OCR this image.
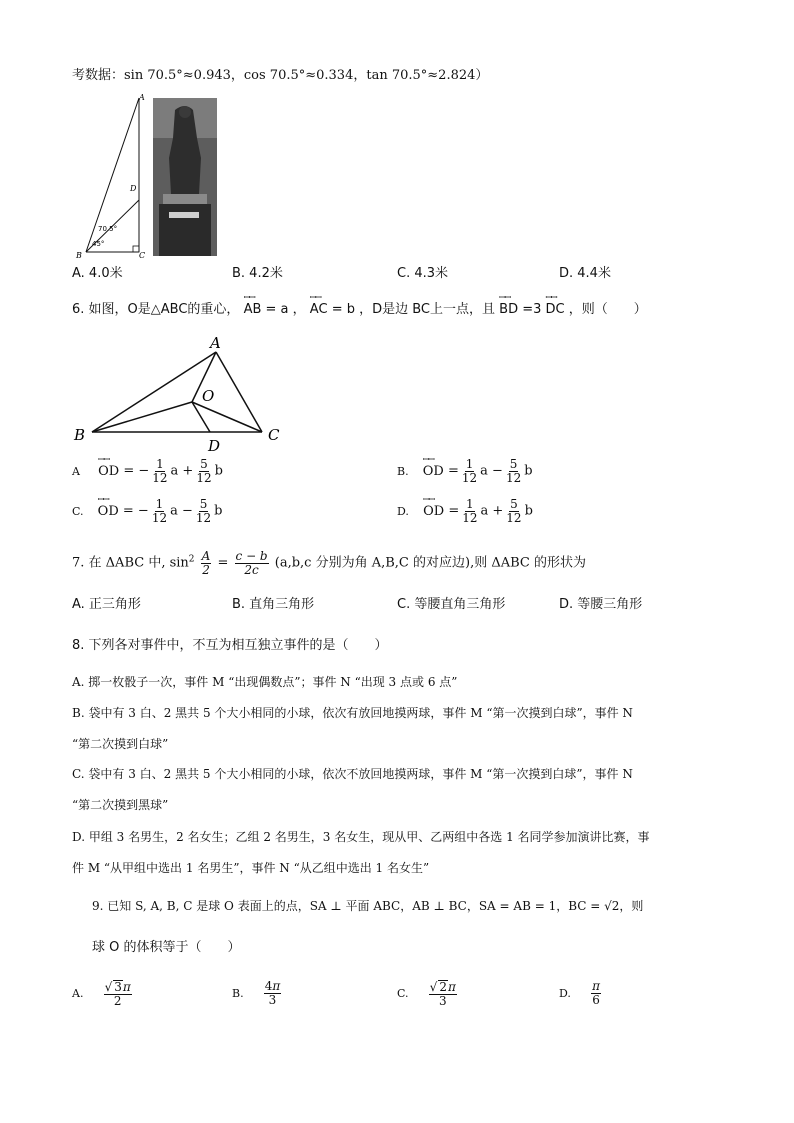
考数据：sin 70.5°≈0.943，cos 70.5°≈0.334，tan 70.5°≈2.824）
A
D
B	C
70.5°
45°
A. 4.0米	B. 4.2米	C. 4.3米	D. 4.4米
6. 如图，O是△ABC的重心， ꟷꟷ AB = a ， ꟷꟷ AC = b ，D是边 BC上一点，且 ꟷꟷ BD =3 ꟷꟷ DC ，则（　　）
A
O
B	C
D
A ꟷꟷ OD = − $\frac{1}{12}$ $a + \frac{5}{12}$ b	B. ꟷꟷ OD = $\frac{1}{12}$ $a - \frac{5}{12}$ b
C. ꟷꟷ OD = − $\frac{1}{12}$ $a - \frac{5}{12}$ b	D. ꟷꟷ OD = $\frac{1}{12}$ $a + \frac{5}{12}$ b
7. 在 ΔABC 中, $\sin^2 \frac{A}{2} = \frac{c - b}{2c} (a,b,c$ 分别为角 A,B,C 的对应边),则 ΔABC 的形状为
A. 正三角形	B. 直角三角形	C. 等腰直角三角形	D. 等腰三角形
8. 下列各对事件中，不互为相互独立事件的是（　　）
A. 掷一枚骰子一次，事件 M “出现偶数点”；事件 N “出现 3 点或 6 点”
B. 袋中有 3 白、2 黑共 5 个大小相同的小球，依次有放回地摸两球，事件 M “第一次摸到白球”，事件 N
“第二次摸到白球”
C. 袋中有 3 白、2 黑共 5 个大小相同的小球，依次不放回地摸两球，事件 M “第一次摸到白球”，事件 N
“第二次摸到黑球”
D. 甲组 3 名男生，2 名女生；乙组 2 名男生，3 名女生，现从甲、乙两组中各选 1 名同学参加演讲比赛，事
件 M “从甲组中选出 1 名男生”，事件 N “从乙组中选出 1 名女生”
9. 已知 S, A, B, C 是球 O 表面上的点，SA ⊥ 平面 ABC，AB ⊥ BC，SA = AB = 1，BC = √2，则
球 O 的体积等于（　　）
A. $\frac{√ 3\pi}{2}$	B. $\frac{4\pi}{3}$	C. $\frac{√ 2\pi}{3}$	D. $\frac{\pi}{6}$
